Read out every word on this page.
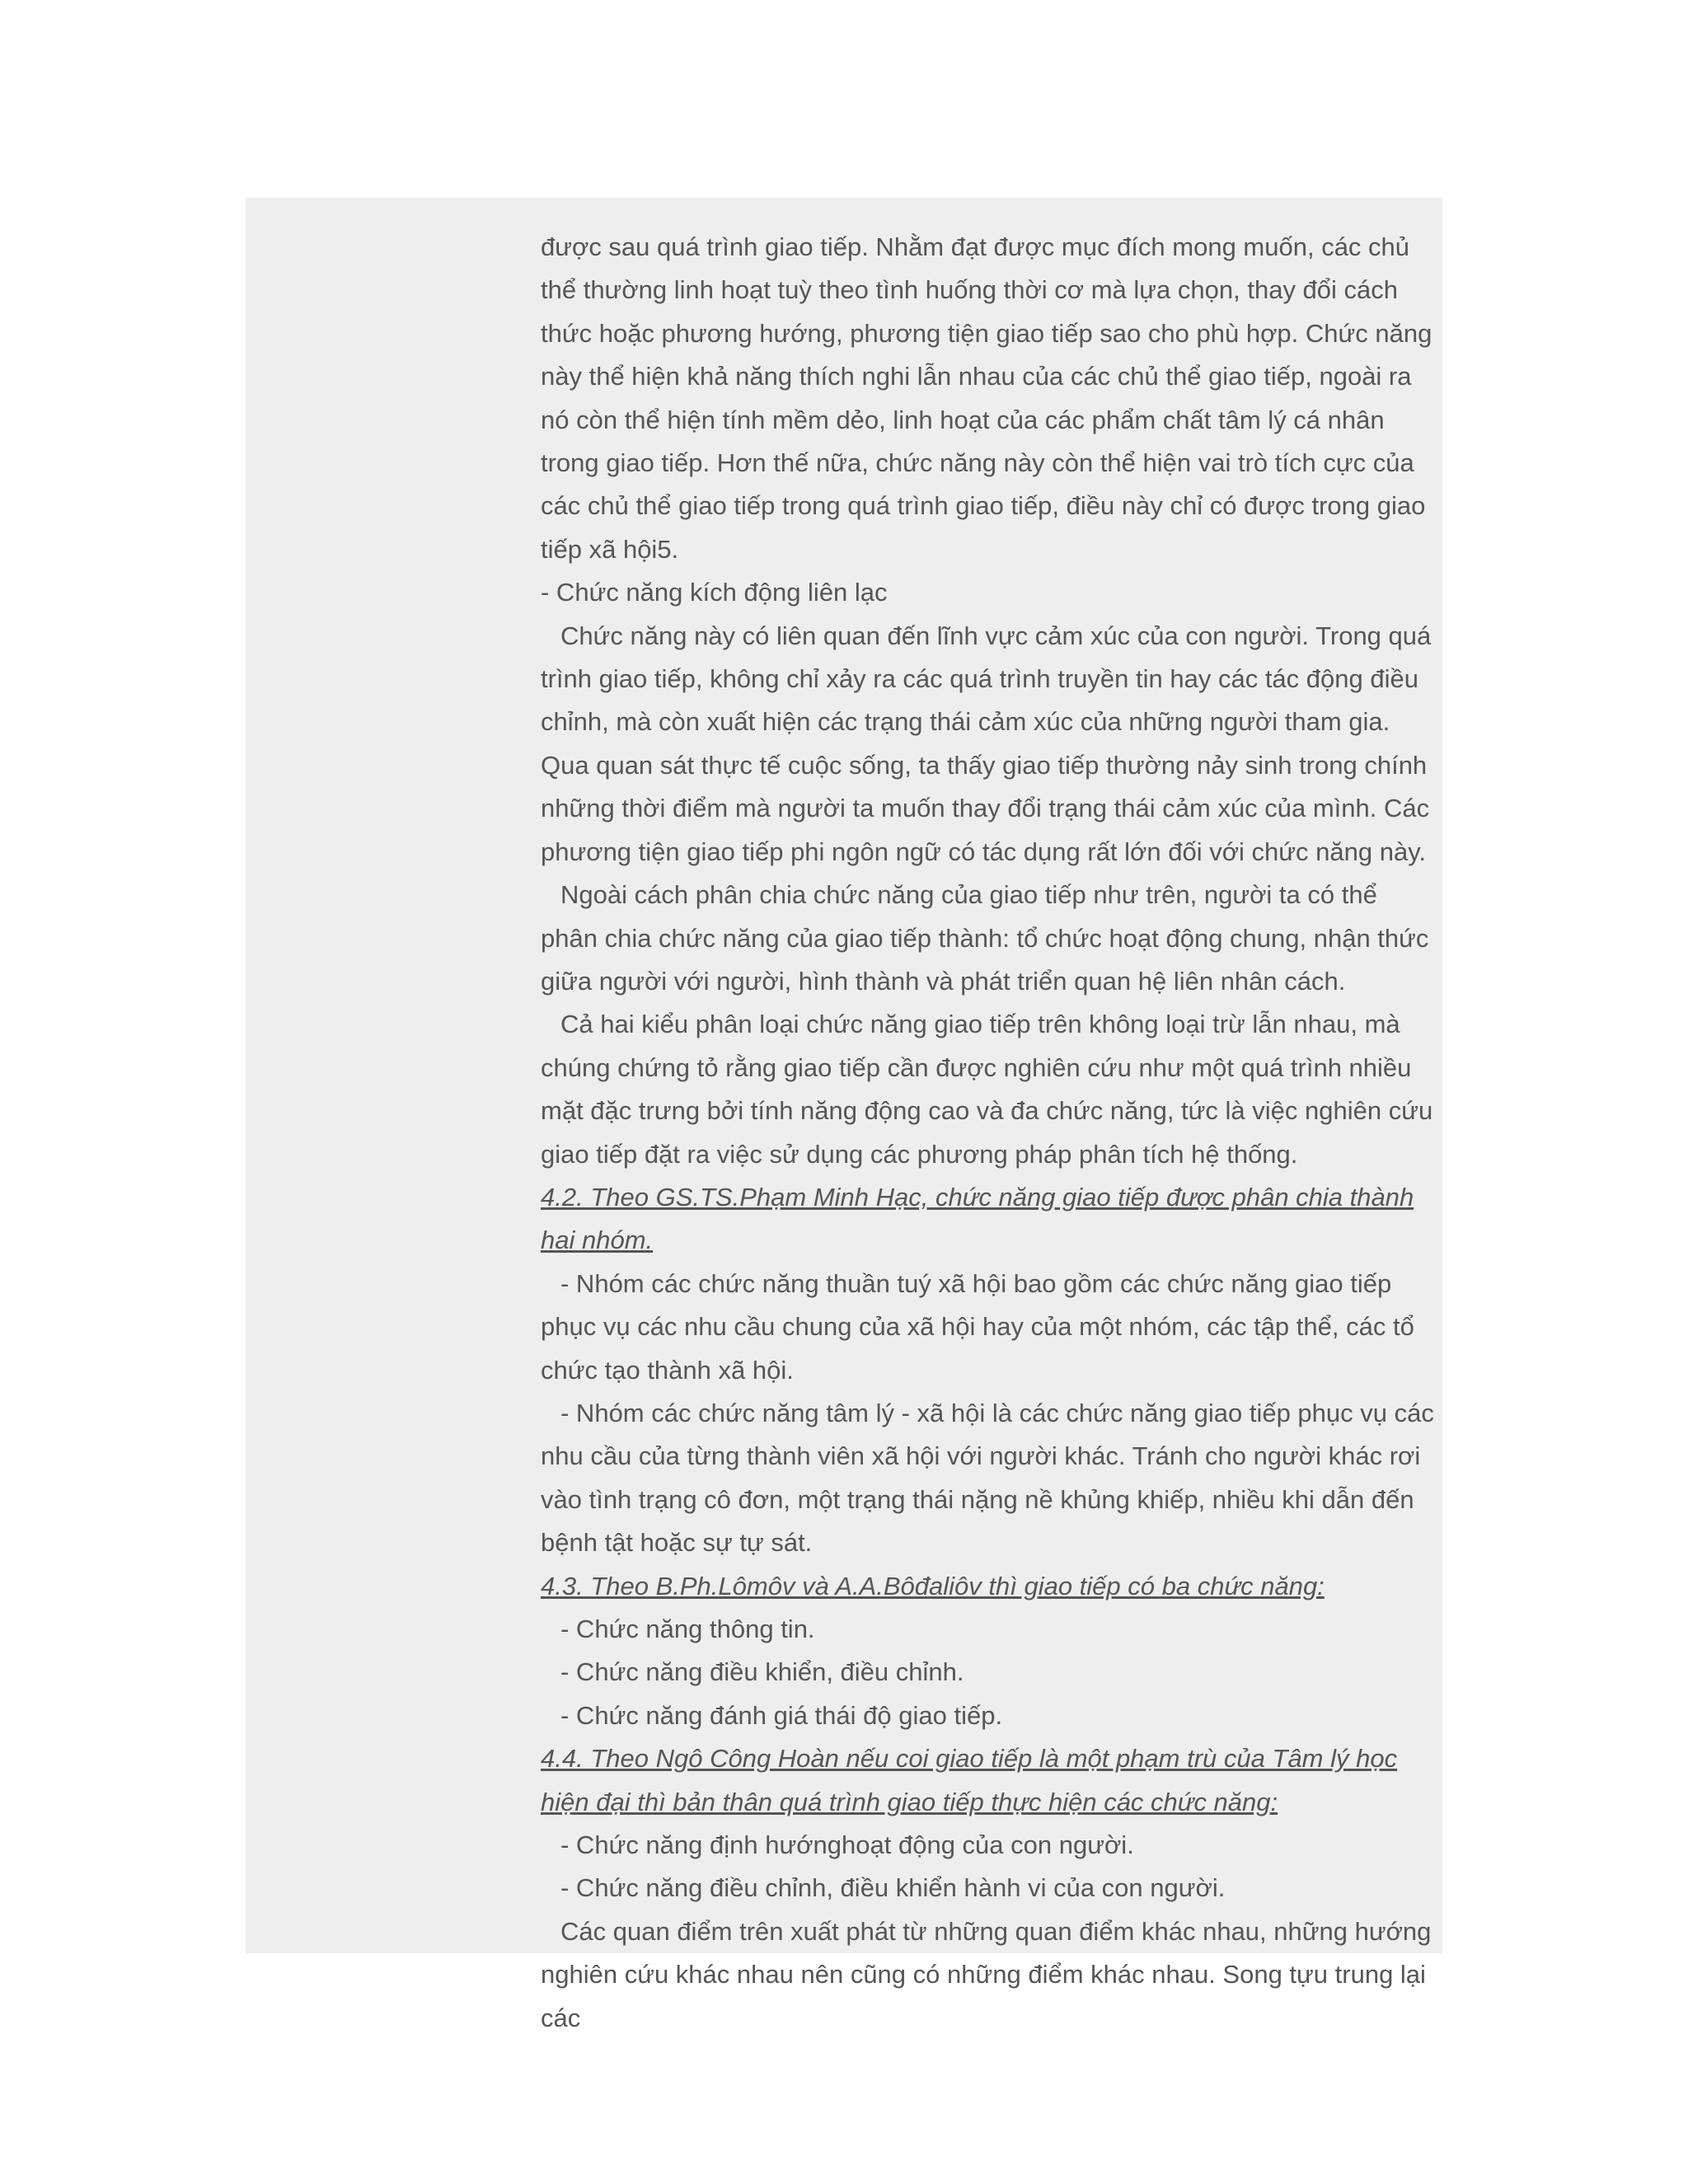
được sau quá trình giao tiếp. Nhằm đạt được mục đích mong muốn, các chủ thể thường linh hoạt tuỳ theo tình huống thời cơ mà lựa chọn, thay đổi cách thức hoặc phương hướng, phương tiện giao tiếp sao cho phù hợp. Chức năng này thể hiện khả năng thích nghi lẫn nhau của các chủ thể giao tiếp, ngoài ra nó còn thể hiện tính mềm dẻo, linh hoạt của các phẩm chất tâm lý cá nhân trong giao tiếp. Hơn thế nữa, chức năng này còn thể hiện vai trò tích cực của các chủ thể giao tiếp trong quá trình giao tiếp, điều này chỉ có được trong giao tiếp xã hội5.

- Chức năng kích động liên lạc

Chức năng này có liên quan đến lĩnh vực cảm xúc của con người. Trong quá trình giao tiếp, không chỉ xảy ra các quá trình truyền tin hay các tác động điều chỉnh, mà còn xuất hiện các trạng thái cảm xúc của những người tham gia. Qua quan sát thực tế cuộc sống, ta thấy giao tiếp thường nảy sinh trong chính những thời điểm mà người ta muốn thay đổi trạng thái cảm xúc của mình. Các phương tiện giao tiếp phi ngôn ngữ có tác dụng rất lớn đối với chức năng này.

Ngoài cách phân chia chức năng của giao tiếp như trên, người ta có thể phân chia chức năng của giao tiếp thành: tổ chức hoạt động chung, nhận thức giữa người với người, hình thành và phát triển quan hệ liên nhân cách.

Cả hai kiểu phân loại chức năng giao tiếp trên không loại trừ lẫn nhau, mà chúng chứng tỏ rằng giao tiếp cần được nghiên cứu như một quá trình nhiều mặt đặc trưng bởi tính năng động cao và đa chức năng, tức là việc nghiên cứu giao tiếp đặt ra việc sử dụng các phương pháp phân tích hệ thống.

4.2. Theo GS.TS.Phạm Minh Hạc, chức năng giao tiếp được phân chia thành hai nhóm.

- Nhóm các chức năng thuần tuý xã hội bao gồm các chức năng giao tiếp phục vụ các nhu cầu chung của xã hội hay của một nhóm, các tập thể, các tổ chức tạo thành xã hội.

- Nhóm các chức năng tâm lý - xã hội là các chức năng giao tiếp phục vụ các nhu cầu của từng thành viên xã hội với người khác. Tránh cho người khác rơi vào tình trạng cô đơn, một trạng thái nặng nề khủng khiếp, nhiều khi dẫn đến bệnh tật hoặc sự tự sát.

4.3. Theo B.Ph.Lômôv và A.A.Bôđaliôv thì giao tiếp có ba chức năng:

- Chức năng thông tin.

- Chức năng điều khiển, điều chỉnh.

- Chức năng đánh giá thái độ giao tiếp.

4.4. Theo Ngô Công Hoàn nếu coi giao tiếp là một phạm trù của Tâm lý học hiện đại thì bản thân quá trình giao tiếp thực hiện các chức năng:

- Chức năng định hướnghoạt động của con người.

- Chức năng điều chỉnh, điều khiển hành vi của con người.

Các quan điểm trên xuất phát từ những quan điểm khác nhau, những hướng nghiên cứu khác nhau nên cũng có những điểm khác nhau. Song tựu trung lại các
